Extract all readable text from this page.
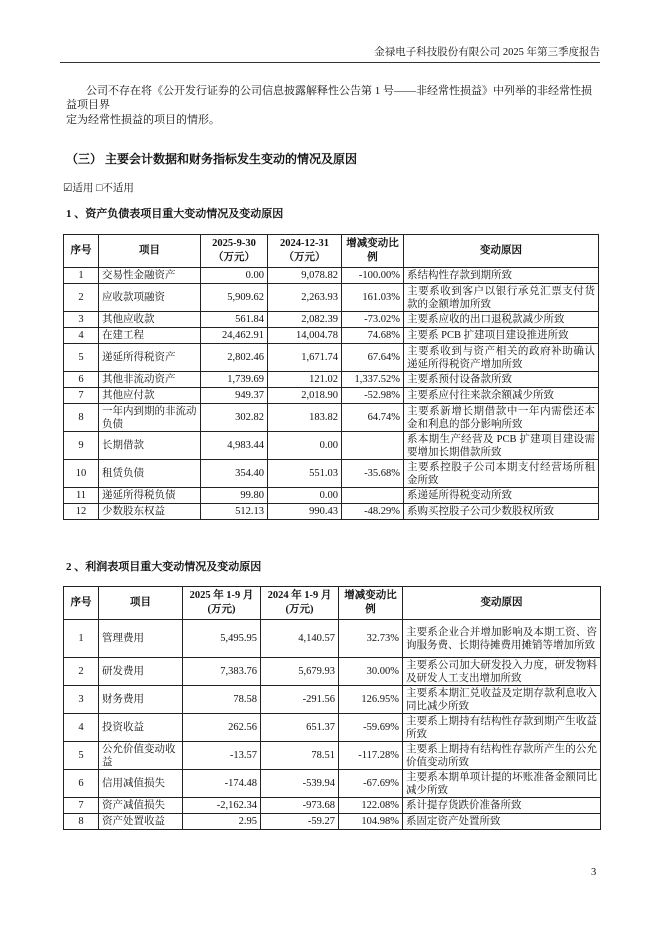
金禄电子科技股份有限公司 2025 年第三季度报告
公司不存在将《公开发行证券的公司信息披露解释性公告第 1 号——非经常性损益》中列举的非经常性损益项目界
定为经常性损益的项目的情形。
（三） 主要会计数据和财务指标发生变动的情况及原因
☑适用 □不适用
1 、资产负债表项目重大变动情况及变动原因
序号	项目	2025-9-30（万元）	2024-12-31（万元）	增减变动比例	变动原因
1	交易性金融资产	0.00	9,078.82	-100.00%	系结构性存款到期所致
2	应收款项融资	5,909.62	2,263.93	161.03%	主要系收到客户以银行承兑汇票支付货款的金额增加所致
3	其他应收款	561.84	2,082.39	-73.02%	主要系应收的出口退税款减少所致
4	在建工程	24,462.91	14,004.78	74.68%	主要系 PCB 扩建项目建设推进所致
5	递延所得税资产	2,802.46	1,671.74	67.64%	主要系收到与资产相关的政府补助确认递延所得税资产增加所致
6	其他非流动资产	1,739.69	121.02	1,337.52%	主要系预付设备款所致
7	其他应付款	949.37	2,018.90	-52.98%	主要系应付往来款余额减少所致
8	一年内到期的非流动负债	302.82	183.82	64.74%	主要系新增长期借款中一年内需偿还本金和利息的部分影响所致
9	长期借款	4,983.44	0.00		系本期生产经营及 PCB 扩建项目建设需要增加长期借款所致
10	租赁负债	354.40	551.03	-35.68%	主要系控股子公司本期支付经营场所租金所致
11	递延所得税负债	99.80	0.00		系递延所得税变动所致
12	少数股东权益	512.13	990.43	-48.29%	系购买控股子公司少数股权所致
2 、利润表项目重大变动情况及变动原因
序号	项目	2025 年 1-9 月(万元)	2024 年 1-9 月(万元)	增减变动比例	变动原因
1	管理费用	5,495.95	4,140.57	32.73%	主要系企业合并增加影响及本期工资、咨询服务费、长期待摊费用摊销等增加所致
2	研发费用	7,383.76	5,679.93	30.00%	主要系公司加大研发投入力度，研发物料及研发人工支出增加所致
3	财务费用	78.58	-291.56	126.95%	主要系本期汇兑收益及定期存款利息收入同比减少所致
4	投资收益	262.56	651.37	-59.69%	主要系上期持有结构性存款到期产生收益所致
5	公允价值变动收益	-13.57	78.51	-117.28%	主要系上期持有结构性存款所产生的公允价值变动所致
6	信用减值损失	-174.48	-539.94	-67.69%	主要系本期单项计提的坏账准备金额同比减少所致
7	资产减值损失	-2,162.34	-973.68	122.08%	系计提存货跌价准备所致
8	资产处置收益	2.95	-59.27	104.98%	系固定资产处置所致
3
